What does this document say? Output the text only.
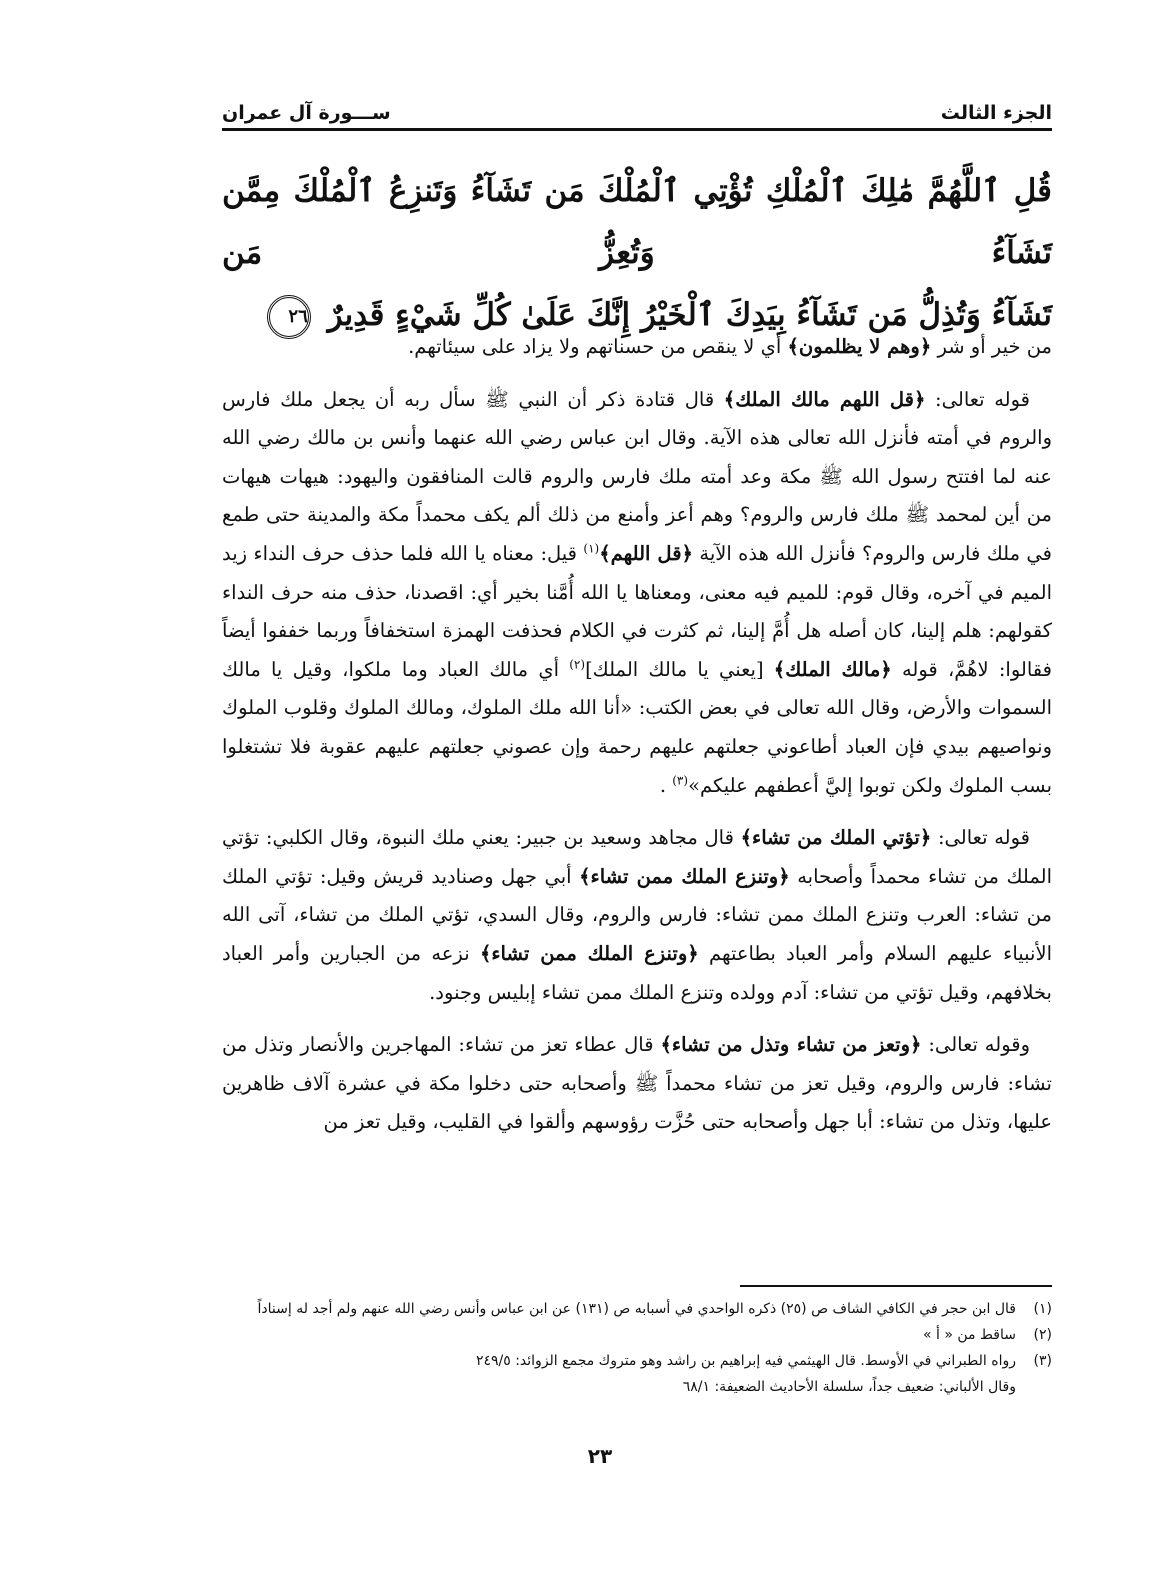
الجزء الثالث
ســـورة آل عمران
قُلِ ٱللَّهُمَّ مَٰلِكَ ٱلْمُلْكِ تُؤْتِي ٱلْمُلْكَ مَن تَشَآءُ وَتَنزِعُ ٱلْمُلْكَ مِمَّن تَشَآءُ وَتُعِزُّ مَن
تَشَآءُ وَتُذِلُّ مَن تَشَآءُ بِيَدِكَ ٱلْخَيْرُ إِنَّكَ عَلَىٰ كُلِّ شَيْءٍ قَدِيرٌ ٢٦

من خير أو شر ﴿وهم لا يظلمون﴾ أي لا ينقص من حسناتهم ولا يزاد على سيئاتهم.

قوله تعالى: ﴿قل اللهم مالك الملك﴾ قال قتادة ذكر أن النبي ﷺ سأل ربه أن يجعل ملك فارس والروم في أمته فأنزل الله تعالى هذه الآية. وقال ابن عباس رضي الله عنهما وأنس بن مالك رضي الله عنه لما افتتح رسول الله ﷺ مكة وعد أمته ملك فارس والروم قالت المنافقون واليهود: هيهات هيهات من أين لمحمد ﷺ ملك فارس والروم؟ وهم أعز وأمنع من ذلك ألم يكف محمداً مكة والمدينة حتى طمع في ملك فارس والروم؟ فأنزل الله هذه الآية ﴿قل اللهم﴾$^{(١)}$ قيل: معناه يا الله فلما حذف حرف النداء زيد الميم في آخره، وقال قوم: للميم فيه معنى، ومعناها يا الله أُمَّنا بخير أي: اقصدنا، حذف منه حرف النداء كقولهم: هلم إلينا، كان أصله هل أُمَّ إلينا، ثم كثرت في الكلام فحذفت الهمزة استخفافاً وربما خففوا أيضاً فقالوا: لاهُمَّ، قوله ﴿مالك الملك﴾ [يعني يا مالك الملك]$^{(٢)}$ أي مالك العباد وما ملكوا، وقيل يا مالك السموات والأرض، وقال الله تعالى في بعض الكتب: «أنا الله ملك الملوك، ومالك الملوك وقلوب الملوك ونواصيهم بيدي فإن العباد أطاعوني جعلتهم عليهم رحمة وإن عصوني جعلتهم عليهم عقوبة فلا تشتغلوا بسب الملوك ولكن توبوا إليَّ أعطفهم عليكم»$^{(٣)}$ .

قوله تعالى: ﴿تؤتي الملك من تشاء﴾ قال مجاهد وسعيد بن جبير: يعني ملك النبوة، وقال الكلبي: تؤتي الملك من تشاء محمداً وأصحابه ﴿وتنزع الملك ممن تشاء﴾ أبي جهل وصناديد قريش وقيل: تؤتي الملك من تشاء: العرب وتنزع الملك ممن تشاء: فارس والروم، وقال السدي، تؤتي الملك من تشاء، آتى الله الأنبياء عليهم السلام وأمر العباد بطاعتهم ﴿وتنزع الملك ممن تشاء﴾ نزعه من الجبارين وأمر العباد بخلافهم، وقيل تؤتي من تشاء: آدم وولده وتنزع الملك ممن تشاء إبليس وجنود.

وقوله تعالى: ﴿وتعز من تشاء وتذل من تشاء﴾ قال عطاء تعز من تشاء: المهاجرين والأنصار وتذل من تشاء: فارس والروم، وقيل تعز من تشاء محمداً ﷺ وأصحابه حتى دخلوا مكة في عشرة آلاف ظاهرين عليها، وتذل من تشاء: أبا جهل وأصحابه حتى حُزَّت رؤوسهم وألقوا في القليب، وقيل تعز من

(١)
قال ابن حجر في الكافي الشاف ص (٢٥) ذكره الواحدي في أسبابه ص (١٣١) عن ابن عباس وأنس رضي الله عنهم ولم أجد له إسناداً
(٢)
ساقط من « أ »
(٣)
رواه الطبراني في الأوسط. قال الهيثمي فيه إبراهيم بن راشد وهو متروك مجمع الزوائد: ٢٤٩/٥
وقال الألباني: ضعيف جداً، سلسلة الأحاديث الضعيفة: ٦٨/١
٢٣
